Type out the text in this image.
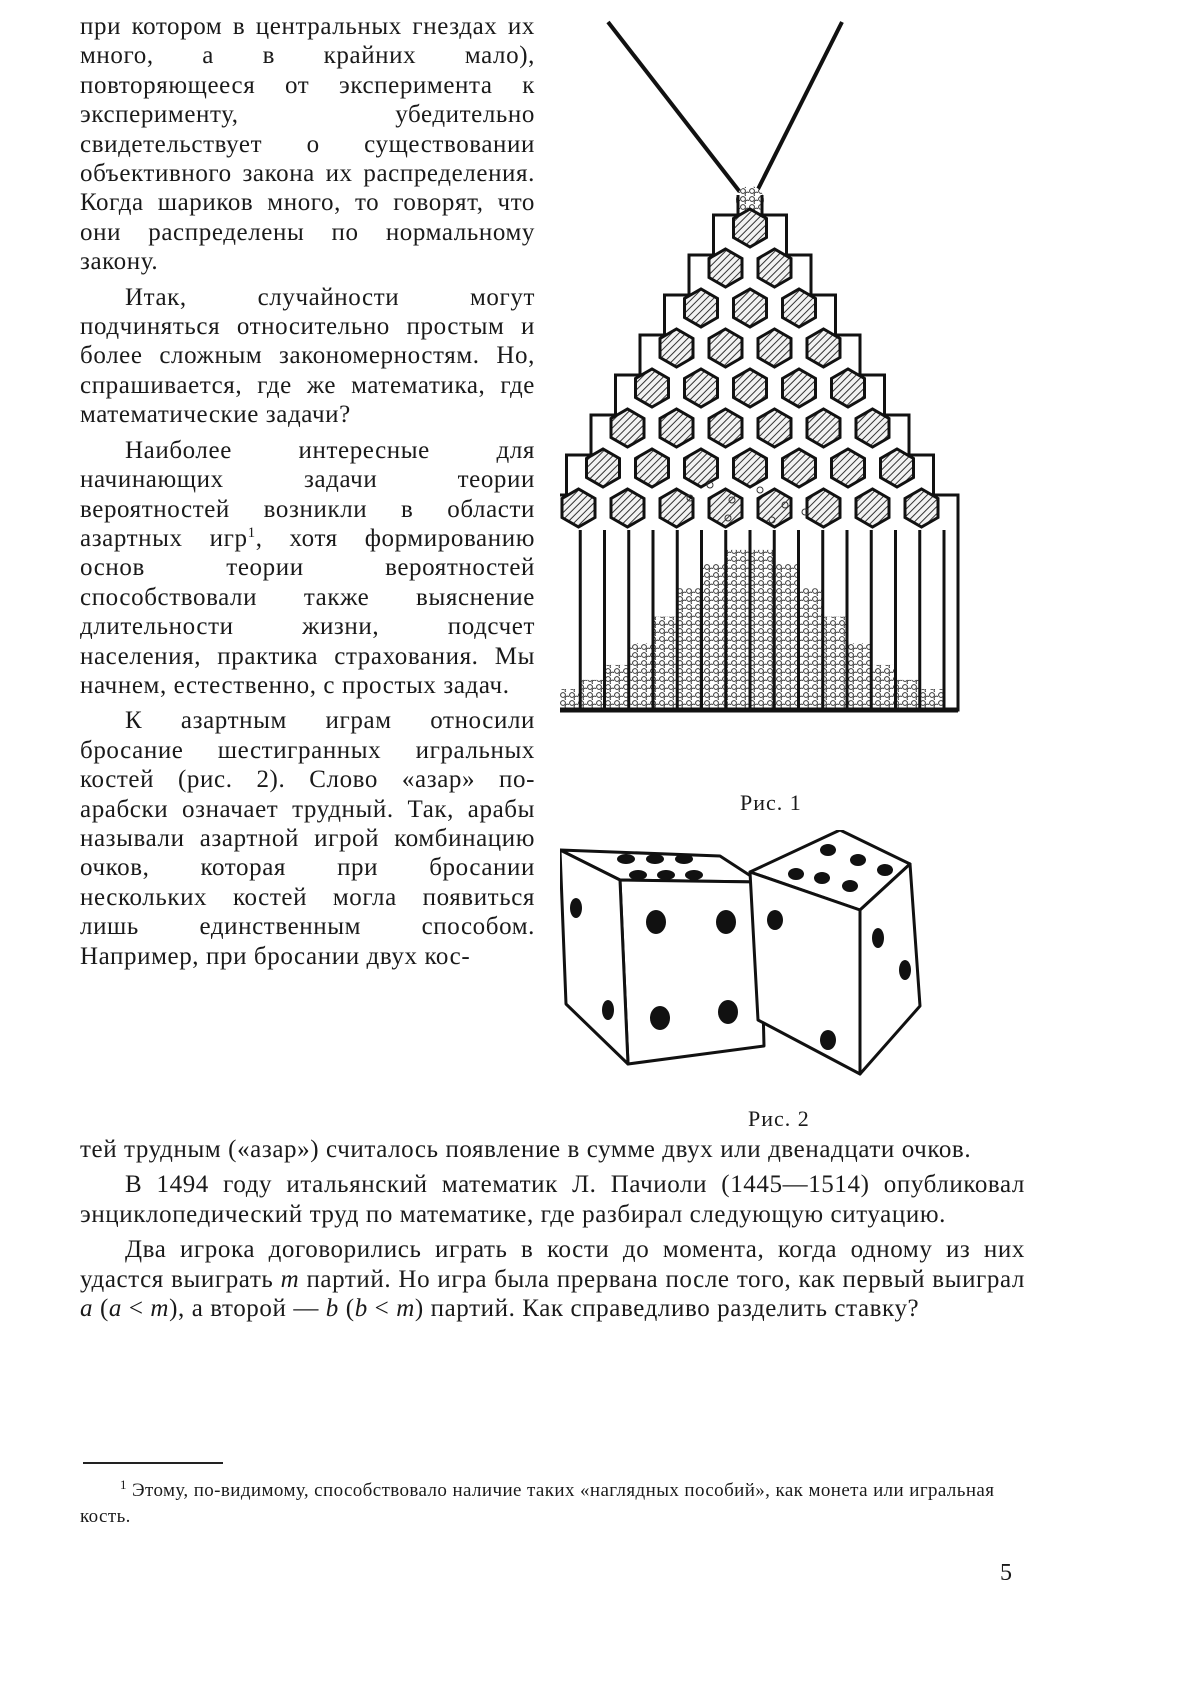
при котором в центральных гнездах их много, а в крайних мало), повторяющееся от эксперимента к эксперименту, убедительно свидетельствует о существовании объективного закона их распределения. Когда шариков много, то говорят, что они распределены по нормальному закону.

Итак, случайности могут подчиняться относительно простым и более сложным закономерностям. Но, спрашивается, где же математика, где математические задачи?

Наиболее интересные для начинающих задачи теории вероятностей возникли в области азартных игр$^1$, хотя формированию основ теории вероятностей способствовали также выяснение длительности жизни, подсчет населения, практика страхования. Мы начнем, естественно, с простых задач.

К азартным играм относили бросание шестигранных игральных костей (рис. 2). Слово «азар» по-арабски означает трудный. Так, арабы называли азартной игрой комбинацию очков, которая при бросании нескольких костей могла появиться лишь единственным способом. Например, при бросании двух кос-

тей трудным («азар») считалось появление в сумме двух или двенадцати очков.

В 1494 году итальянский математик Л. Пачиоли (1445—1514) опубликовал энциклопедический труд по математике, где разбирал следующую ситуацию.

Два игрока договорились играть в кости до момента, когда одному из них удастся выиграть m партий. Но игра была прервана после того, как первый выиграл a (a < m), а второй — b (b < m) партий. Как справедливо разделить ставку?

$^1$ Этому, по-видимому, способствовало наличие таких «наглядных пособий», как монета или игральная кость.

5
Рис. 1
Рис. 2
